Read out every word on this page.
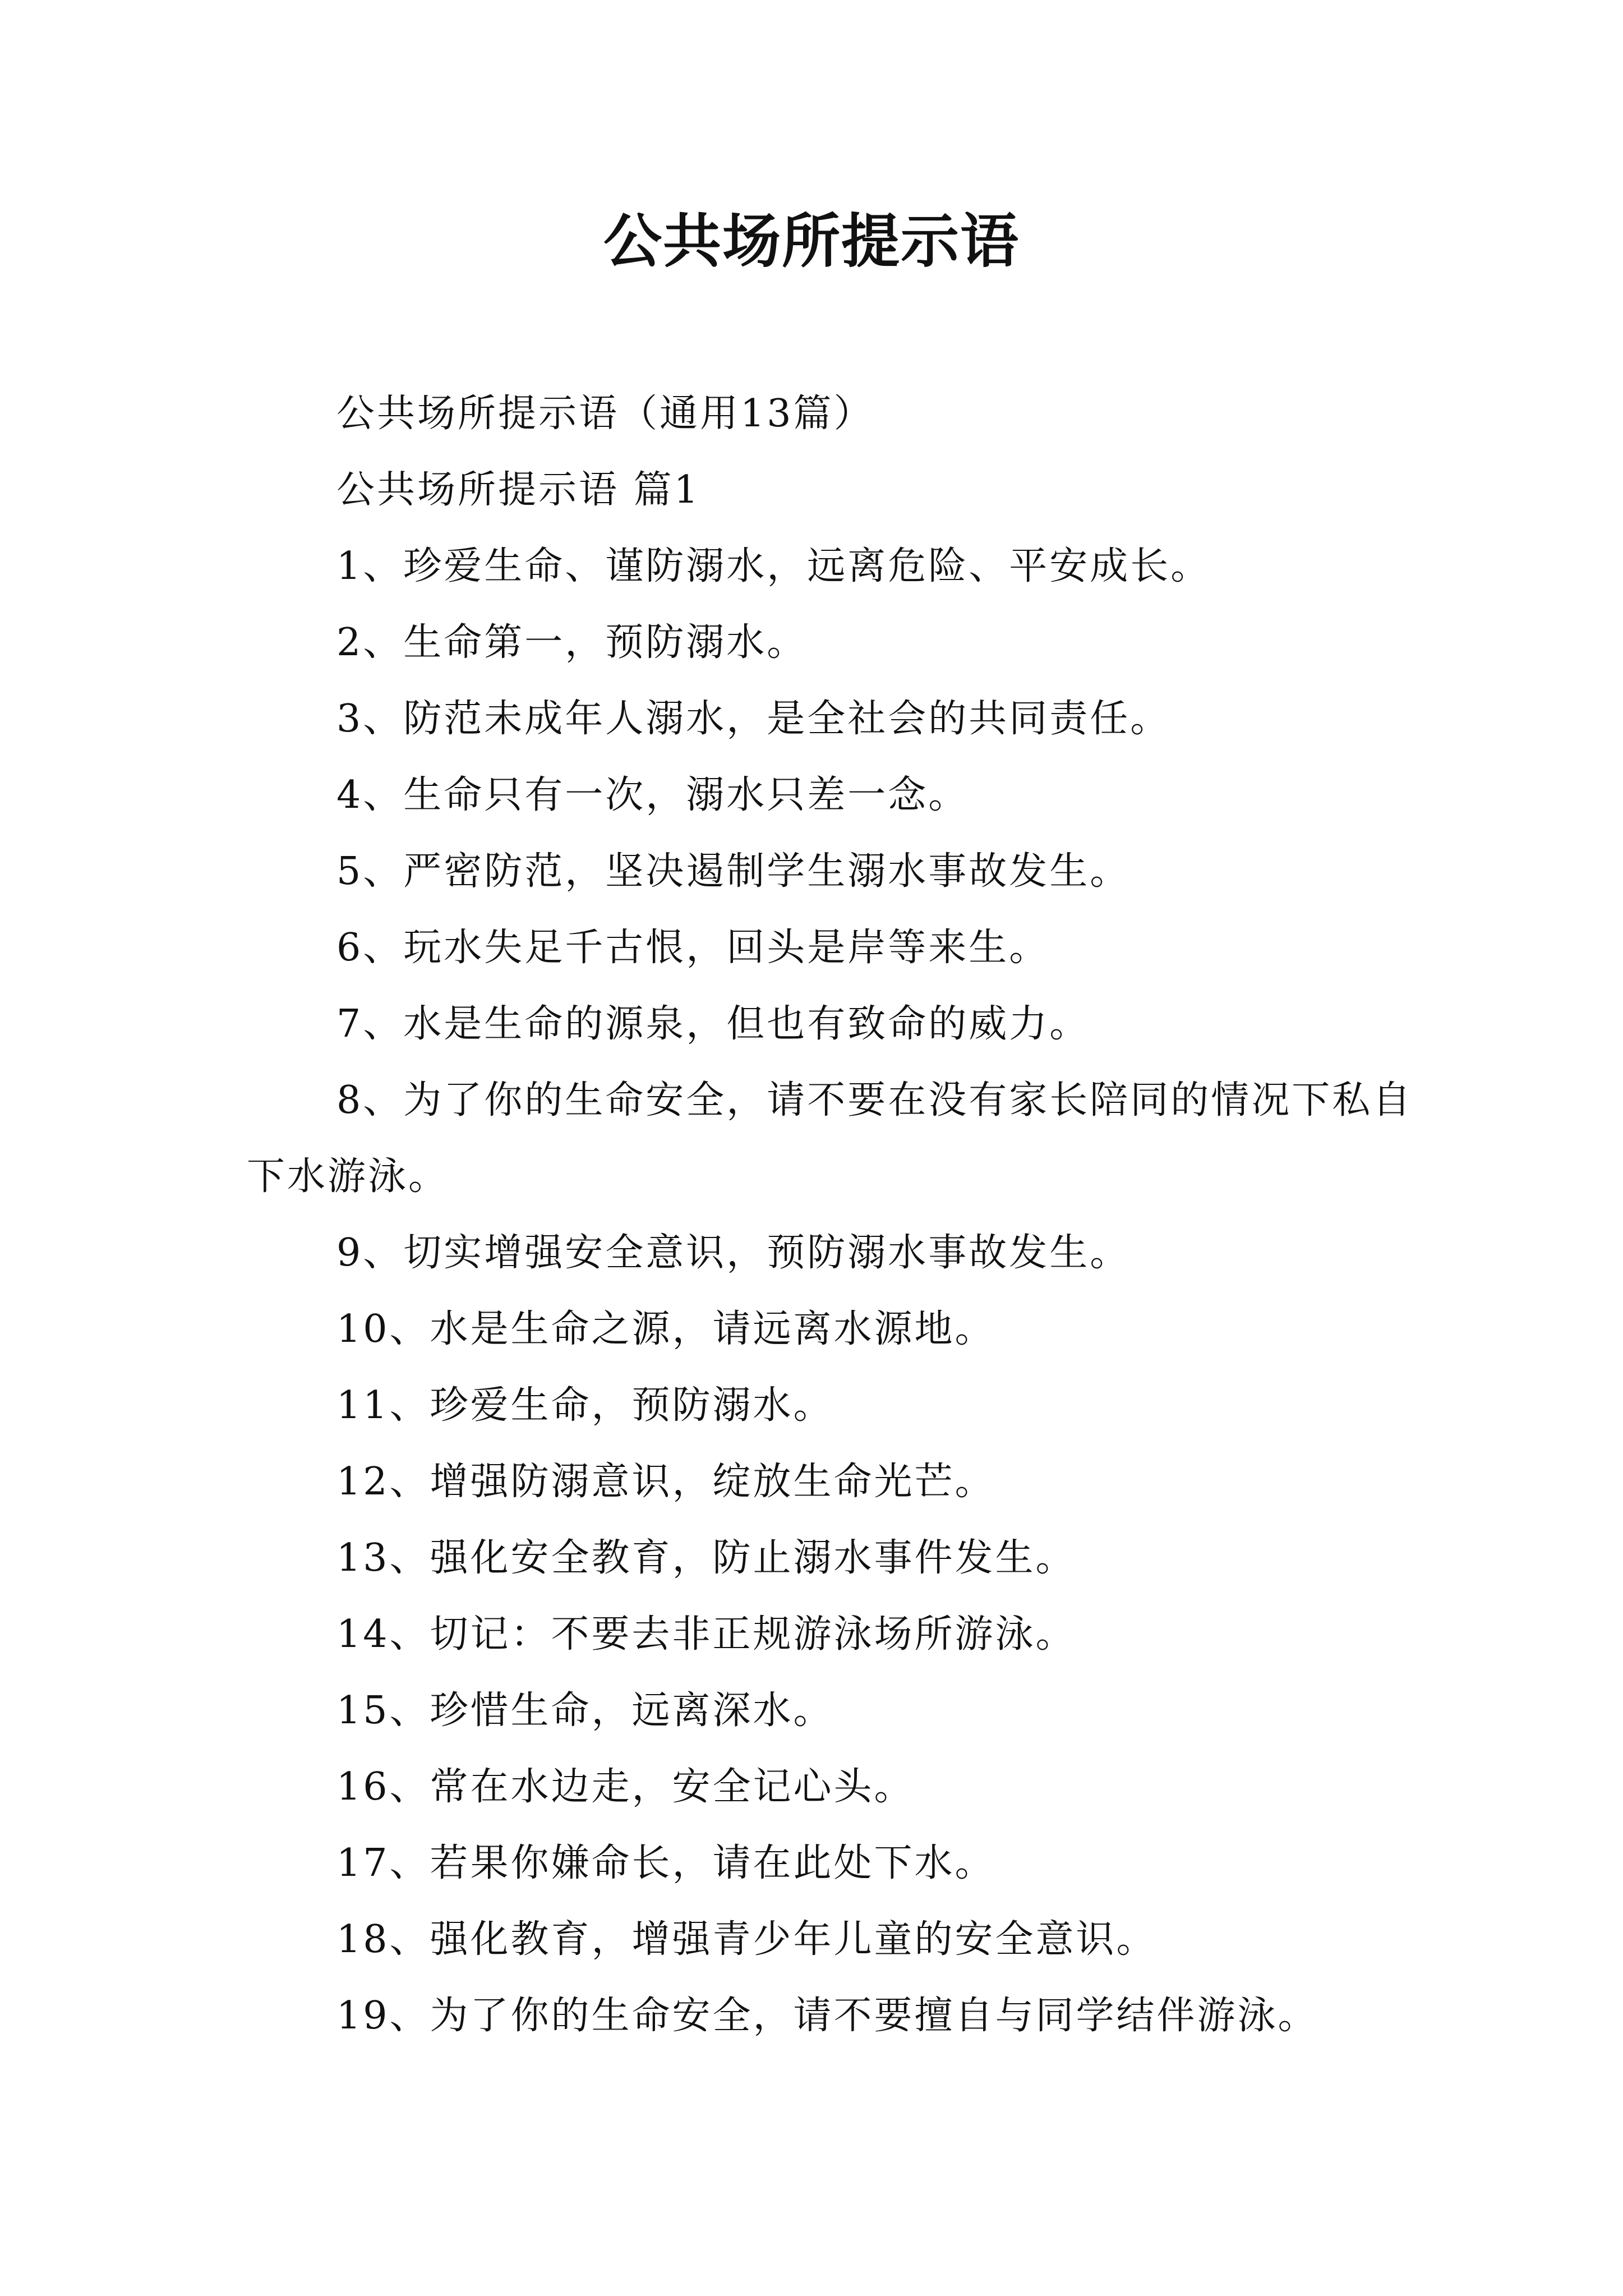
公共场所提示语

公共场所提示语（通用13篇）

公共场所提示语 篇1

1、珍爱生命、谨防溺水，远离危险、平安成长。

2、生命第一，预防溺水。

3、防范未成年人溺水，是全社会的共同责任。

4、生命只有一次，溺水只差一念。

5、严密防范，坚决遏制学生溺水事故发生。

6、玩水失足千古恨，回头是岸等来生。

7、水是生命的源泉，但也有致命的威力。

8、为了你的生命安全，请不要在没有家长陪同的情况下私自下水游泳。

9、切实增强安全意识，预防溺水事故发生。

10、水是生命之源，请远离水源地。

11、珍爱生命，预防溺水。

12、增强防溺意识，绽放生命光芒。

13、强化安全教育，防止溺水事件发生。

14、切记：不要去非正规游泳场所游泳。

15、珍惜生命，远离深水。

16、常在水边走，安全记心头。

17、若果你嫌命长，请在此处下水。

18、强化教育，增强青少年儿童的安全意识。

19、为了你的生命安全，请不要擅自与同学结伴游泳。
